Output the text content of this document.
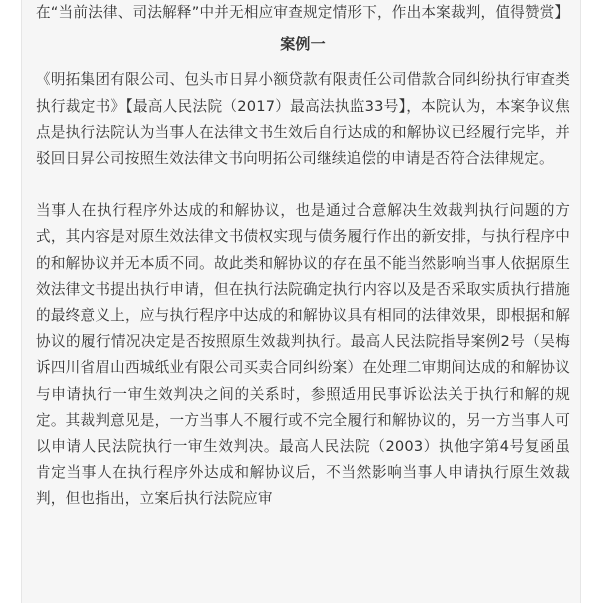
在“当前法律、司法解释”中并无相应审查规定情形下，作出本案裁判，值得赞赏】

案例一

《明拓集团有限公司、包头市日昇小额贷款有限责任公司借款合同纠纷执行审查类执行裁定书》【最高人民法院（2017）最高法执监33号】，本院认为，本案争议焦点是执行法院认为当事人在法律文书生效后自行达成的和解协议已经履行完毕，并驳回日昇公司按照生效法律文书向明拓公司继续追偿的申请是否符合法律规定。

当事人在执行程序外达成的和解协议，也是通过合意解决生效裁判执行问题的方式，其内容是对原生效法律文书债权实现与债务履行作出的新安排，与执行程序中的和解协议并无本质不同。故此类和解协议的存在虽不能当然影响当事人依据原生效法律文书提出执行申请，但在执行法院确定执行内容以及是否采取实质执行措施的最终意义上，应与执行程序中达成的和解协议具有相同的法律效果，即根据和解协议的履行情况决定是否按照原生效裁判执行。最高人民法院指导案例2号（吴梅诉四川省眉山西城纸业有限公司买卖合同纠纷案）在处理二审期间达成的和解协议与申请执行一审生效判决之间的关系时，参照适用民事诉讼法关于执行和解的规定。其裁判意见是，一方当事人不履行或不完全履行和解协议的，另一方当事人可以申请人民法院执行一审生效判决。最高人民法院（2003）执他字第4号复函虽肯定当事人在执行程序外达成和解协议后，不当然影响当事人申请执行原生效裁判，但也指出，立案后执行法院应审
